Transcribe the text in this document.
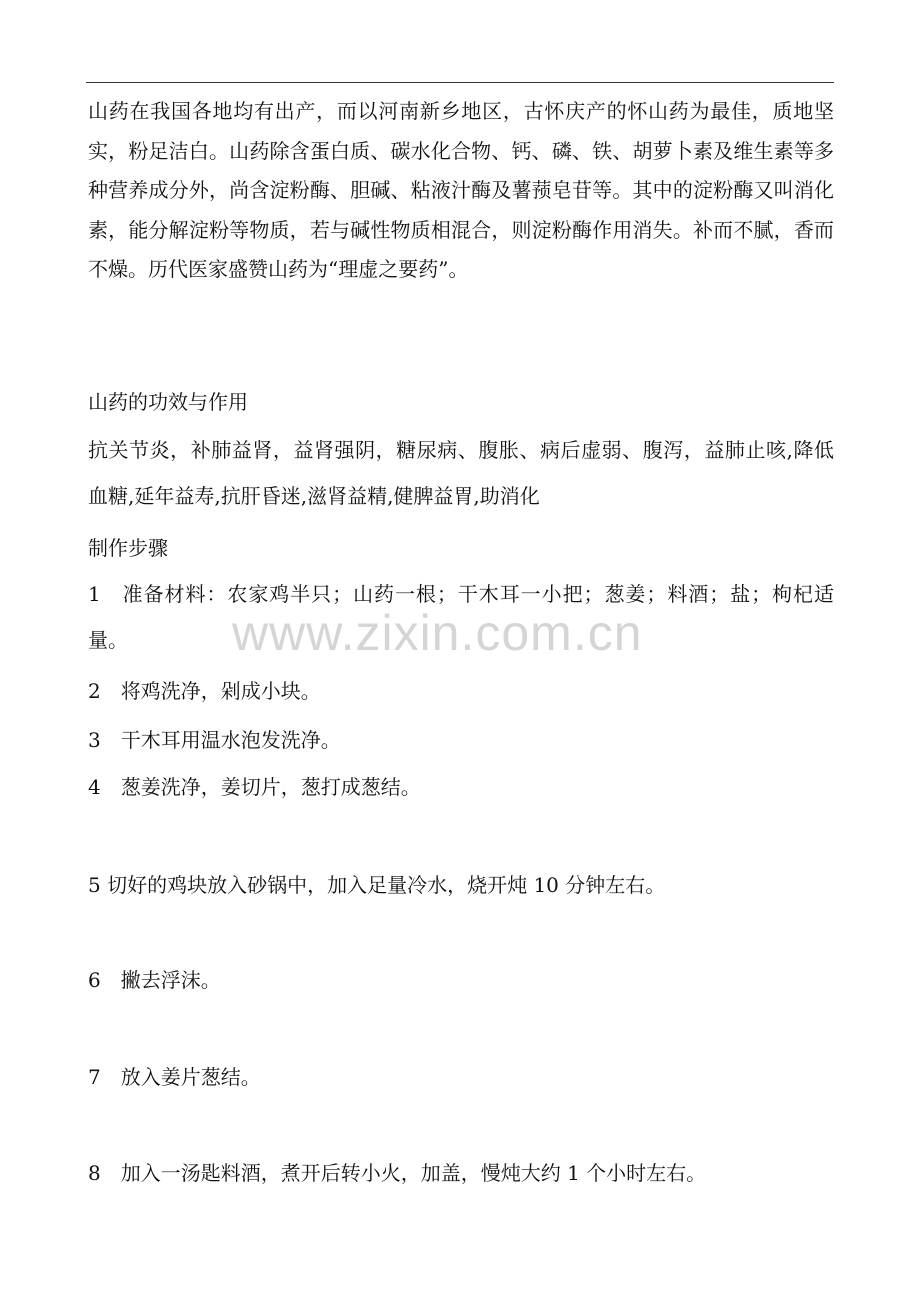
山药在我国各地均有出产，而以河南新乡地区，古怀庆产的怀山药为最佳，质地坚实，粉足洁白。山药除含蛋白质、碳水化合物、钙、磷、铁、胡萝卜素及维生素等多种营养成分外，尚含淀粉酶、胆碱、粘液汁酶及薯蓣皂苷等。其中的淀粉酶又叫消化素，能分解淀粉等物质，若与碱性物质相混合，则淀粉酶作用消失。补而不腻，香而不燥。历代医家盛赞山药为“理虚之要药”。

山药的功效与作用

抗关节炎，补肺益肾，益肾强阴，糖尿病、腹胀、病后虚弱、腹泻，益肺止咳,降低血糖,延年益寿,抗肝昏迷,滋肾益精,健脾益胃,助消化

制作步骤

1　准备材料：农家鸡半只；山药一根；干木耳一小把；葱姜；料酒；盐；枸杞适量。

2　将鸡洗净，剁成小块。

3　干木耳用温水泡发洗净。

4　葱姜洗净，姜切片，葱打成葱结。

5 切好的鸡块放入砂锅中，加入足量冷水，烧开炖 10 分钟左右。

6　撇去浮沫。

7　放入姜片葱结。

8　加入一汤匙料酒，煮开后转小火，加盖，慢炖大约 1 个小时左右。

www.zixin.com.cn
